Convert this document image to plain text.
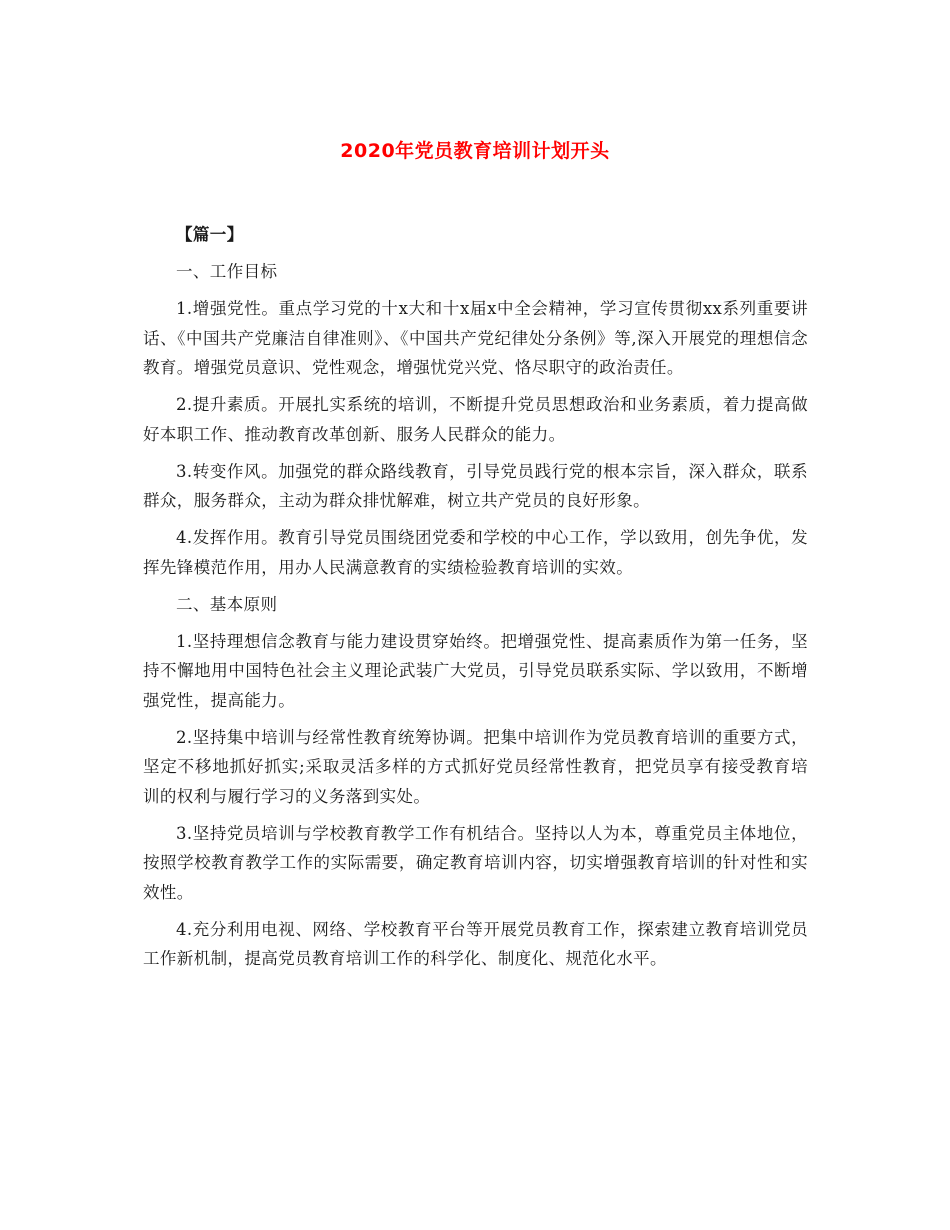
2020年党员教育培训计划开头

【篇一】

一、工作目标

1.增强党性。重点学习党的十x大和十x届x中全会精神，学习宣传贯彻xx系列重要讲话、《中国共产党廉洁自律准则》、《中国共产党纪律处分条例》等,深入开展党的理想信念教育。增强党员意识、党性观念，增强忧党兴党、恪尽职守的政治责任。

2.提升素质。开展扎实系统的培训，不断提升党员思想政治和业务素质，着力提高做好本职工作、推动教育改革创新、服务人民群众的能力。

3.转变作风。加强党的群众路线教育，引导党员践行党的根本宗旨，深入群众，联系群众，服务群众，主动为群众排忧解难，树立共产党员的良好形象。

4.发挥作用。教育引导党员围绕团党委和学校的中心工作，学以致用，创先争优，发挥先锋模范作用，用办人民满意教育的实绩检验教育培训的实效。

二、基本原则

1.坚持理想信念教育与能力建设贯穿始终。把增强党性、提高素质作为第一任务，坚持不懈地用中国特色社会主义理论武装广大党员，引导党员联系实际、学以致用，不断增强党性，提高能力。

2.坚持集中培训与经常性教育统筹协调。把集中培训作为党员教育培训的重要方式，坚定不移地抓好抓实;采取灵活多样的方式抓好党员经常性教育，把党员享有接受教育培训的权利与履行学习的义务落到实处。

3.坚持党员培训与学校教育教学工作有机结合。坚持以人为本，尊重党员主体地位，按照学校教育教学工作的实际需要，确定教育培训内容，切实增强教育培训的针对性和实效性。

4.充分利用电视、网络、学校教育平台等开展党员教育工作，探索建立教育培训党员工作新机制，提高党员教育培训工作的科学化、制度化、规范化水平。
